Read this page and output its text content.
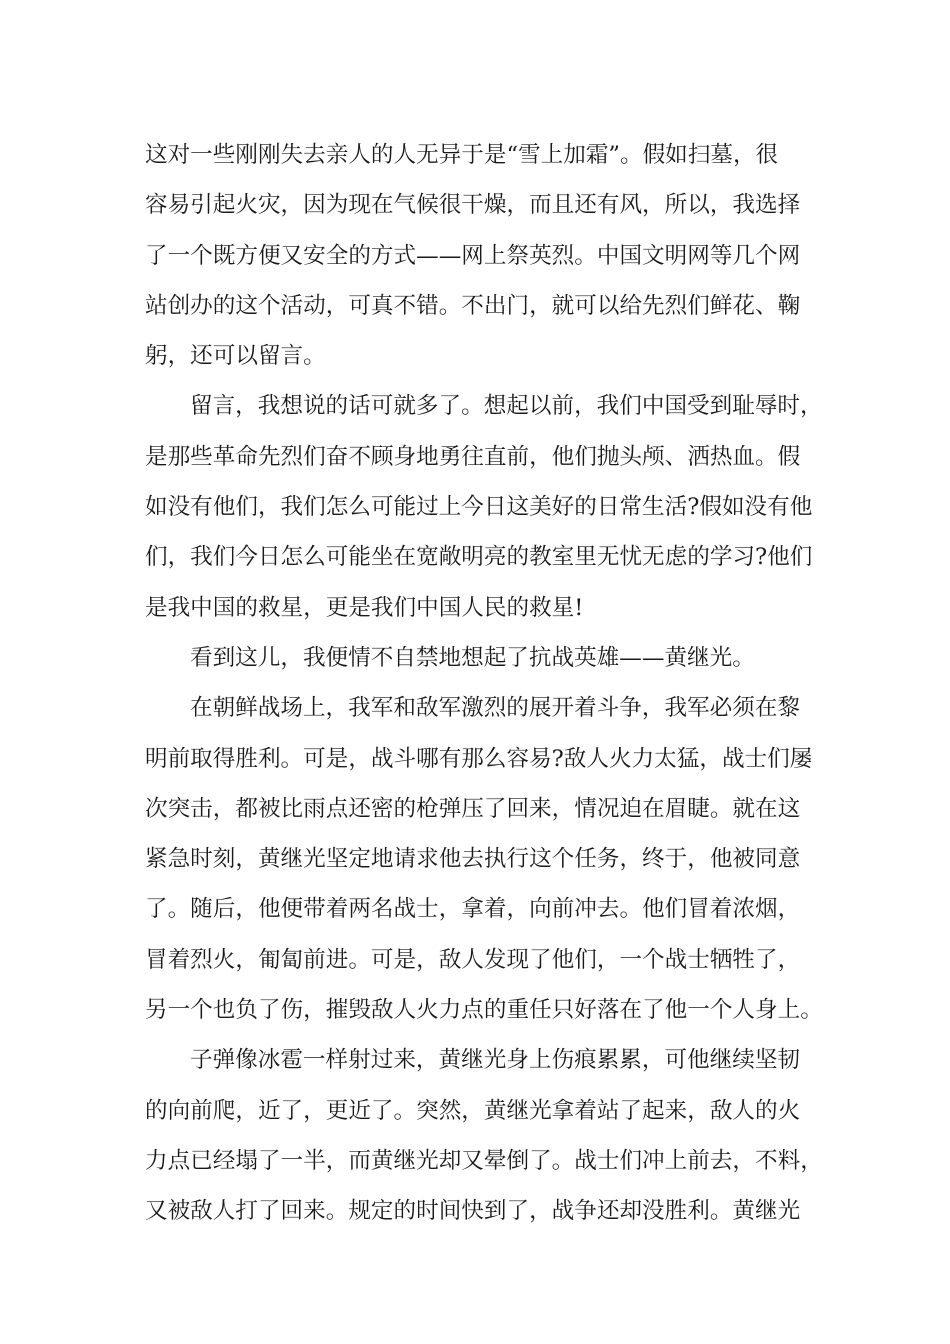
这对一些刚刚失去亲人的人无异于是“雪上加霜”。假如扫墓，很
容易引起火灾，因为现在气候很干燥，而且还有风，所以，我选择
了一个既方便又安全的方式——网上祭英烈。中国文明网等几个网
站创办的这个活动，可真不错。不出门，就可以给先烈们鲜花、鞠
躬，还可以留言。
留言，我想说的话可就多了。想起以前，我们中国受到耻辱时，
是那些革命先烈们奋不顾身地勇往直前，他们抛头颅、洒热血。假
如没有他们，我们怎么可能过上今日这美好的日常生活?假如没有他
们，我们今日怎么可能坐在宽敞明亮的教室里无忧无虑的学习?他们
是我中国的救星，更是我们中国人民的救星!
看到这儿，我便情不自禁地想起了抗战英雄——黄继光。
在朝鲜战场上，我军和敌军激烈的展开着斗争，我军必须在黎
明前取得胜利。可是，战斗哪有那么容易?敌人火力太猛，战士们屡
次突击，都被比雨点还密的枪弹压了回来，情况迫在眉睫。就在这
紧急时刻，黄继光坚定地请求他去执行这个任务，终于，他被同意
了。随后，他便带着两名战士，拿着，向前冲去。他们冒着浓烟，
冒着烈火，匍匐前进。可是，敌人发现了他们，一个战士牺牲了，
另一个也负了伤，摧毁敌人火力点的重任只好落在了他一个人身上。
子弹像冰雹一样射过来，黄继光身上伤痕累累，可他继续坚韧
的向前爬，近了，更近了。突然，黄继光拿着站了起来，敌人的火
力点已经塌了一半，而黄继光却又晕倒了。战士们冲上前去，不料，
又被敌人打了回来。规定的时间快到了，战争还却没胜利。黄继光
